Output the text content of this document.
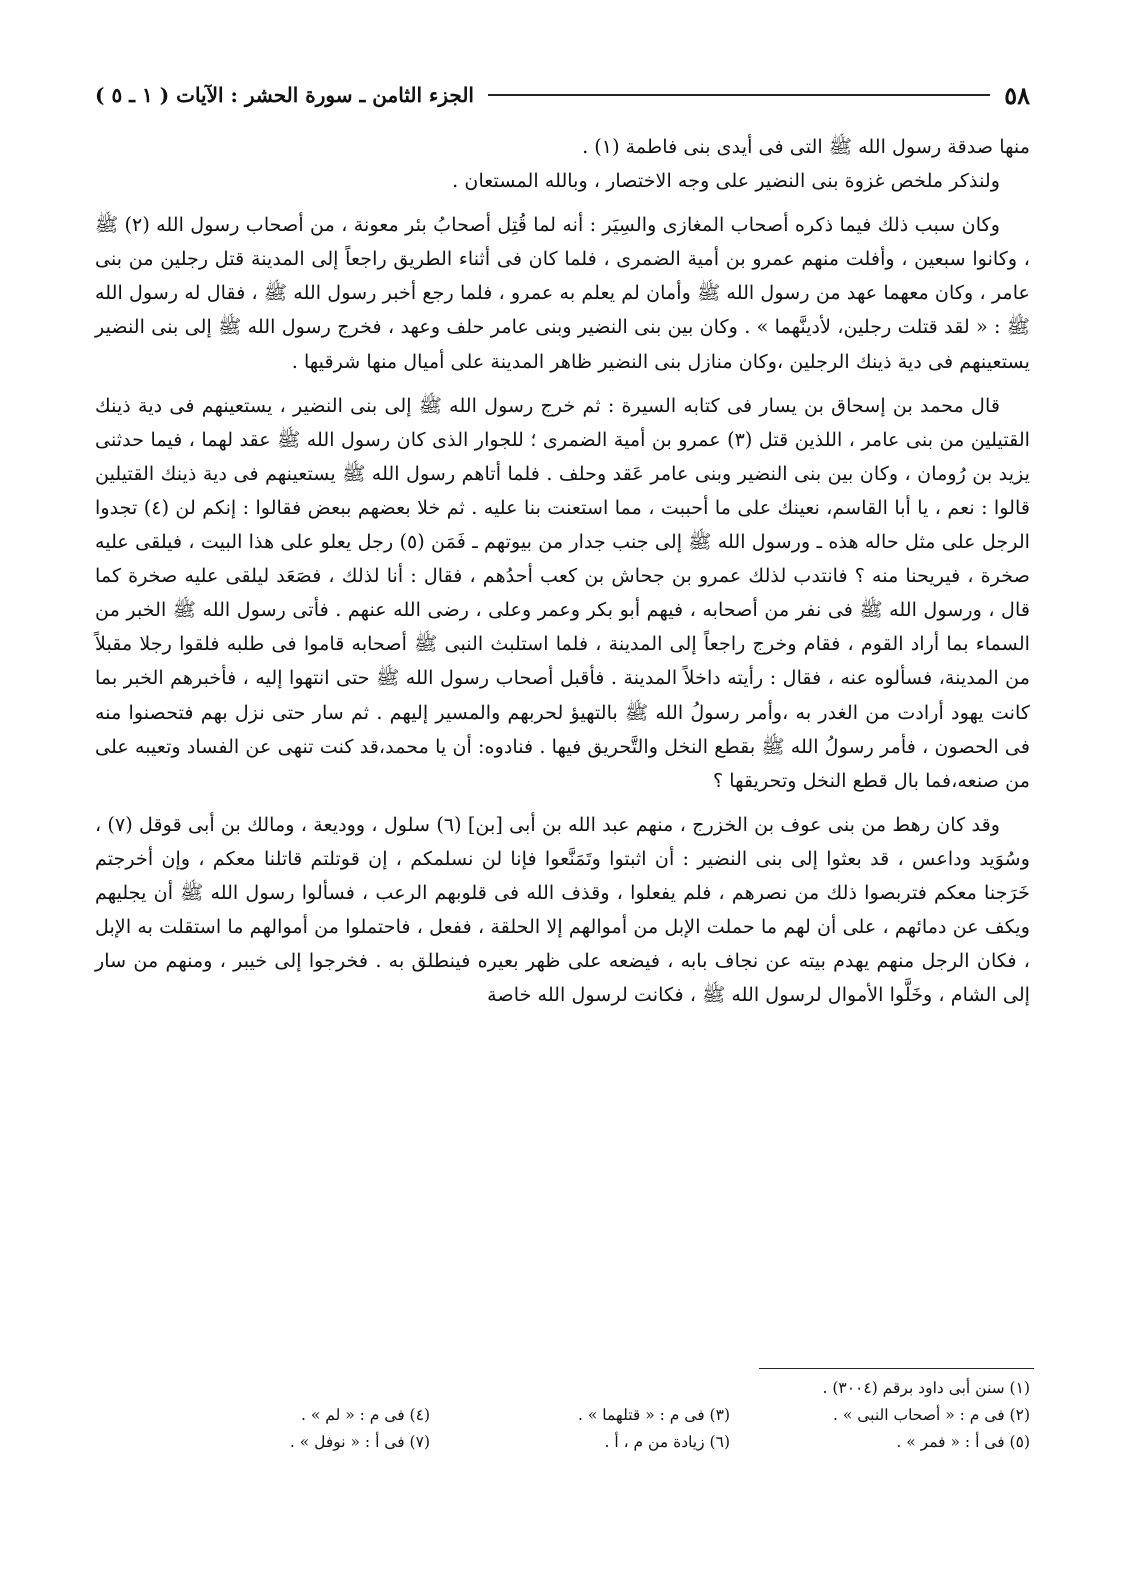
٥٨
الجزء الثامن ـ سورة الحشر : الآيات ( ١ ـ ٥ )

منها صدقة رسول الله ﷺ التى فى أيدى بنى فاطمة (١) .

ولنذكر ملخص غزوة بنى النضير على وجه الاختصار ، وبالله المستعان .

وكان سبب ذلك فيما ذكره أصحاب المغازى والسِيَر : أنه لما قُتِل أصحابُ بئر معونة ، من أصحاب رسول الله (٢) ﷺ ، وكانوا سبعين ، وأفلت منهم عمرو بن أمية الضمرى ، فلما كان فى أثناء الطريق راجعاً إلى المدينة قتل رجلين من بنى عامر ، وكان معهما عهد من رسول الله ﷺ وأمان لم يعلم به عمرو ، فلما رجع أخبر رسول الله ﷺ ، فقال له رسول الله ﷺ : « لقد قتلت رجلين، لأدينَّهما » . وكان بين بنى النضير وبنى عامر حلف وعهد ، فخرج رسول الله ﷺ إلى بنى النضير يستعينهم فى دية ذينك الرجلين ،وكان منازل بنى النضير ظاهر المدينة على أميال منها شرقيها .

قال محمد بن إسحاق بن يسار فى كتابه السيرة : ثم خرج رسول الله ﷺ إلى بنى النضير ، يستعينهم فى دية ذينك القتيلين من بنى عامر ، اللذين قتل (٣) عمرو بن أمية الضمرى ؛ للجوار الذى كان رسول الله ﷺ عقد لهما ، فيما حدثنى يزيد بن رُومان ، وكان بين بنى النضير وبنى عامر عَقد وحلف . فلما أتاهم رسول الله ﷺ يستعينهم فى دية ذينك القتيلين قالوا : نعم ، يا أبا القاسم، نعينك على ما أحببت ، مما استعنت بنا عليه . ثم خلا بعضهم ببعض فقالوا : إنكم لن (٤) تجدوا الرجل على مثل حاله هذه ـ ورسول الله ﷺ إلى جنب جدار من بيوتهم ـ فَمَن (٥) رجل يعلو على هذا البيت ، فيلقى عليه صخرة ، فيريحنا منه ؟ فانتدب لذلك عمرو بن جحاش بن كعب أحدُهم ، فقال : أنا لذلك ، فصَعَد ليلقى عليه صخرة كما قال ، ورسول الله ﷺ فى نفر من أصحابه ، فيهم أبو بكر وعمر وعلى ، رضى الله عنهم . فأتى رسول الله ﷺ الخبر من السماء بما أراد القوم ، فقام وخرج راجعاً إلى المدينة ، فلما استلبث النبى ﷺ أصحابه قاموا فى طلبه فلقوا رجلا مقبلاً من المدينة، فسألوه عنه ، فقال : رأيته داخلاً المدينة . فأقبل أصحاب رسول الله ﷺ حتى انتهوا إليه ، فأخبرهم الخبر بما كانت يهود أرادت من الغدر به ،وأمر رسولُ الله ﷺ بالتهيؤ لحربهم والمسير إليهم . ثم سار حتى نزل بهم فتحصنوا منه فى الحصون ، فأمر رسولُ الله ﷺ بقطع النخل والتَّحريق فيها . فنادوه: أن يا محمد،قد كنت تنهى عن الفساد وتعيبه على من صنعه،فما بال قطع النخل وتحريقها ؟

وقد كان رهط من بنى عوف بن الخزرج ، منهم عبد الله بن أبى [بن] (٦) سلول ، ووديعة ، ومالك بن أبى قوقل (٧) ، وسُوَيد وداعس ، قد بعثوا إلى بنى النضير : أن اثبتوا وتَمَنَّعوا فإنا لن نسلمكم ، إن قوتلتم قاتلنا معكم ، وإن أخرجتم خَرَجنا معكم فتربصوا ذلك من نصرهم ، فلم يفعلوا ، وقذف الله فى قلوبهم الرعب ، فسألوا رسول الله ﷺ أن يجليهم ويكف عن دمائهم ، على أن لهم ما حملت الإبل من أموالهم إلا الحلقة ، ففعل ، فاحتملوا من أموالهم ما استقلت به الإبل ، فكان الرجل منهم يهدم بيته عن نجاف بابه ، فيضعه على ظهر بعيره فينطلق به . فخرجوا إلى خيبر ، ومنهم من سار إلى الشام ، وخَلَّوا الأموال لرسول الله ﷺ ، فكانت لرسول الله خاصة

(١) سنن أبى داود برقم (٣٠٠٤) .
(٢) فى م : « أصحاب النبى » .
(٣) فى م : « قتلهما » .
(٤) فى م : « لم » .
(٥) فى أ : « فمر » .
(٦) زيادة من م ، أ .
(٧) فى أ : « نوفل » .
